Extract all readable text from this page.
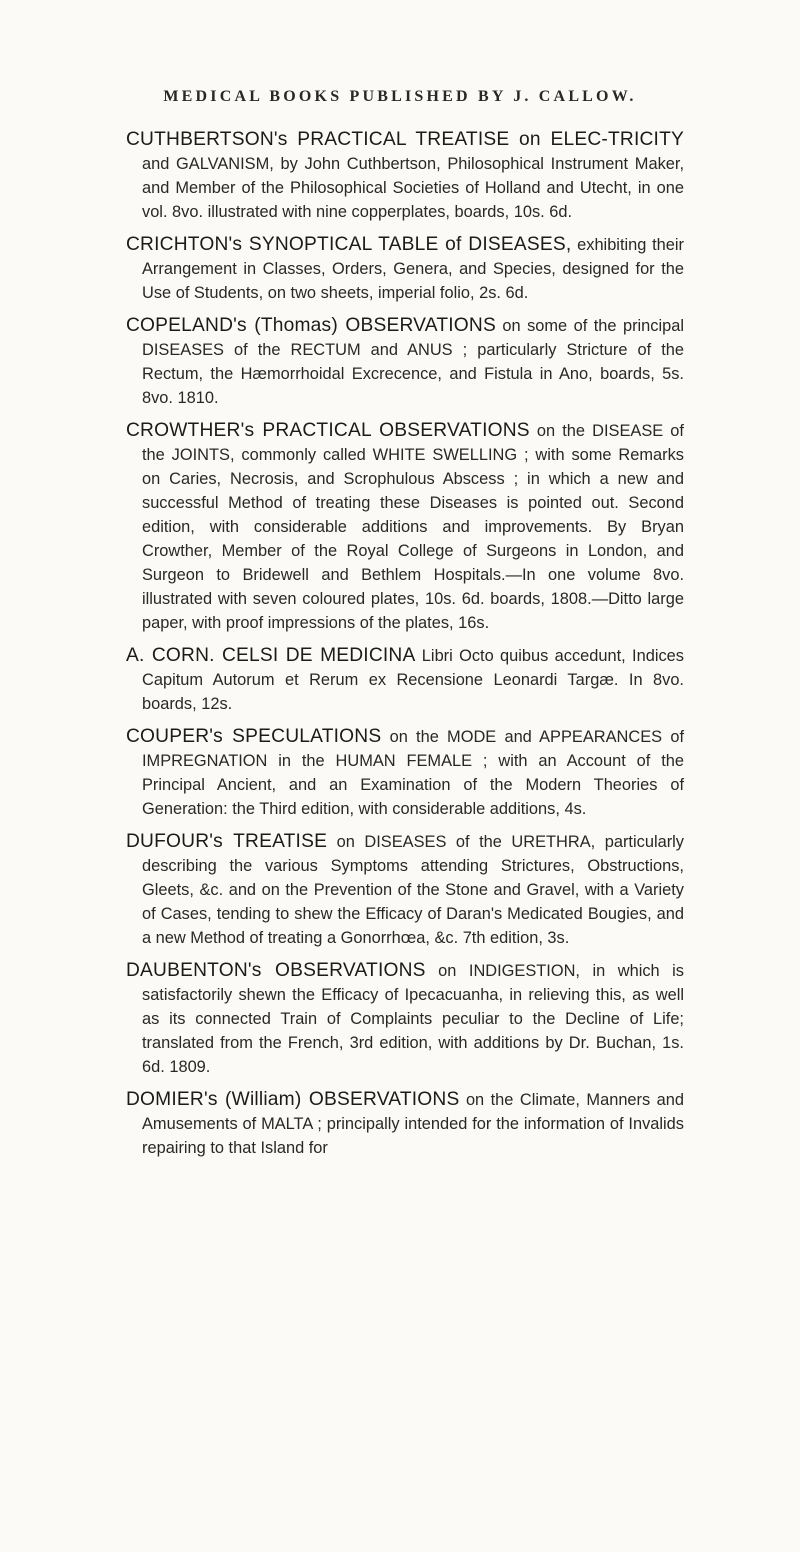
MEDICAL BOOKS PUBLISHED BY J. CALLOW.

CUTHBERTSON's PRACTICAL TREATISE on ELEC-TRICITY and GALVANISM, by John Cuthbertson, Philosophical Instrument Maker, and Member of the Philosophical Societies of Holland and Utecht, in one vol. 8vo. illustrated with nine copperplates, boards, 10s. 6d.

CRICHTON's SYNOPTICAL TABLE of DISEASES, exhibiting their Arrangement in Classes, Orders, Genera, and Species, designed for the Use of Students, on two sheets, imperial folio, 2s. 6d.

COPELAND's (Thomas) OBSERVATIONS on some of the principal DISEASES of the RECTUM and ANUS ; particularly Stricture of the Rectum, the Hæmorrhoidal Excrecence, and Fistula in Ano, boards, 5s. 8vo. 1810.

CROWTHER's PRACTICAL OBSERVATIONS on the DISEASE of the JOINTS, commonly called WHITE SWELLING ; with some Remarks on Caries, Necrosis, and Scrophulous Abscess ; in which a new and successful Method of treating these Diseases is pointed out. Second edition, with considerable additions and improvements. By Bryan Crowther, Member of the Royal College of Surgeons in London, and Surgeon to Bridewell and Bethlem Hospitals.—In one volume 8vo. illustrated with seven coloured plates, 10s. 6d. boards, 1808.—Ditto large paper, with proof impressions of the plates, 16s.

A. CORN. CELSI DE MEDICINA Libri Octo quibus accedunt, Indices Capitum Autorum et Rerum ex Recensione Leonardi Targæ. In 8vo. boards, 12s.

COUPER's SPECULATIONS on the MODE and APPEARANCES of IMPREGNATION in the HUMAN FEMALE ; with an Account of the Principal Ancient, and an Examination of the Modern Theories of Generation: the Third edition, with considerable additions, 4s.

DUFOUR's TREATISE on DISEASES of the URETHRA, particularly describing the various Symptoms attending Strictures, Obstructions, Gleets, &c. and on the Prevention of the Stone and Gravel, with a Variety of Cases, tending to shew the Efficacy of Daran's Medicated Bougies, and a new Method of treating a Gonorrhœa, &c. 7th edition, 3s.

DAUBENTON's OBSERVATIONS on INDIGESTION, in which is satisfactorily shewn the Efficacy of Ipecacuanha, in relieving this, as well as its connected Train of Complaints peculiar to the Decline of Life; translated from the French, 3rd edition, with additions by Dr. Buchan, 1s. 6d. 1809.

DOMIER's (William) OBSERVATIONS on the Climate, Manners and Amusements of MALTA ; principally intended for the information of Invalids repairing to that Island for
